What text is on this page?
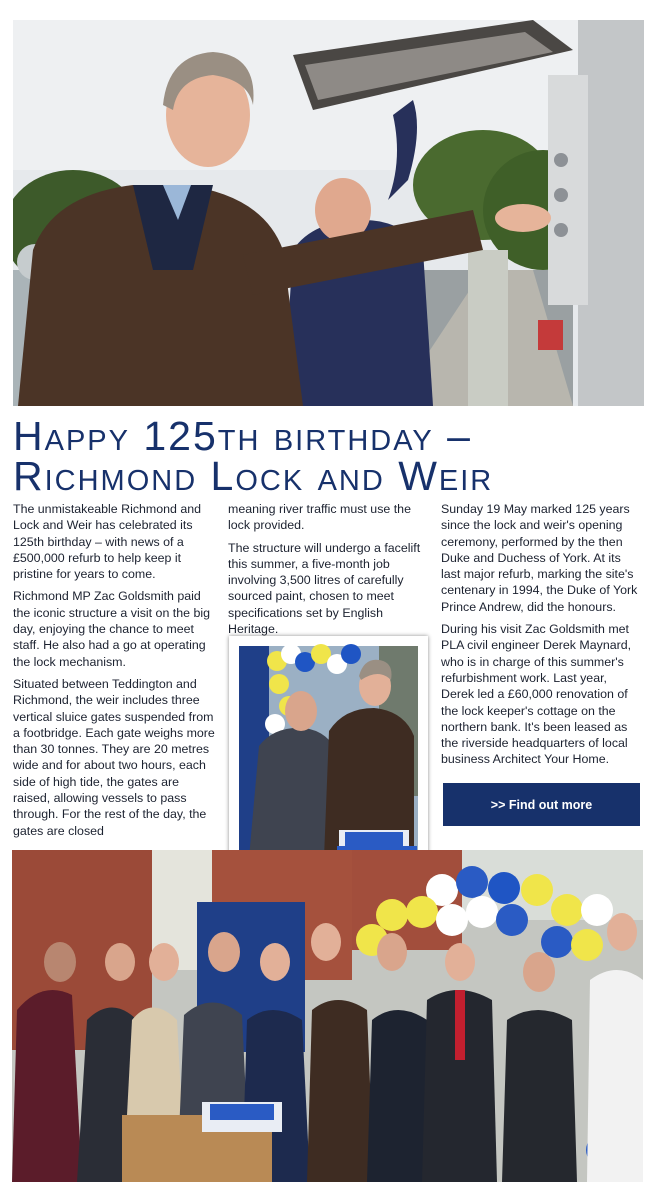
Happy 125th birthday –
Richmond Lock and Weir

The unmistakeable Richmond and Lock and Weir has celebrated its 125th birthday – with news of a £500,000 refurb to help keep it pristine for years to come.

Richmond MP Zac Goldsmith paid the iconic structure a visit on the big day, enjoying the chance to meet staff. He also had a go at operating the lock mechanism.

Situated between Teddington and Richmond, the weir includes three vertical sluice gates suspended from a footbridge. Each gate weighs more than 30 tonnes. They are 20 metres wide and for about two hours, each side of high tide, the gates are raised, allowing vessels to pass through. For the rest of the day, the gates are closed

meaning river traffic must use the lock provided.

The structure will undergo a facelift this summer, a five-month job involving 3,500 litres of carefully sourced paint, chosen to meet specifications set by English Heritage.

Sunday 19 May marked 125 years since the lock and weir's opening ceremony, performed by the then Duke and Duchess of York. At its last major refurb, marking the site's centenary in 1994, the Duke of York Prince Andrew, did the honours.

During his visit Zac Goldsmith met PLA civil engineer Derek Maynard, who is in charge of this summer's refurbishment work. Last year, Derek led a £60,000 renovation of the lock keeper's cottage on the northern bank. It's been leased as the riverside headquarters of local business Architect Your Home.

>> Find out more
